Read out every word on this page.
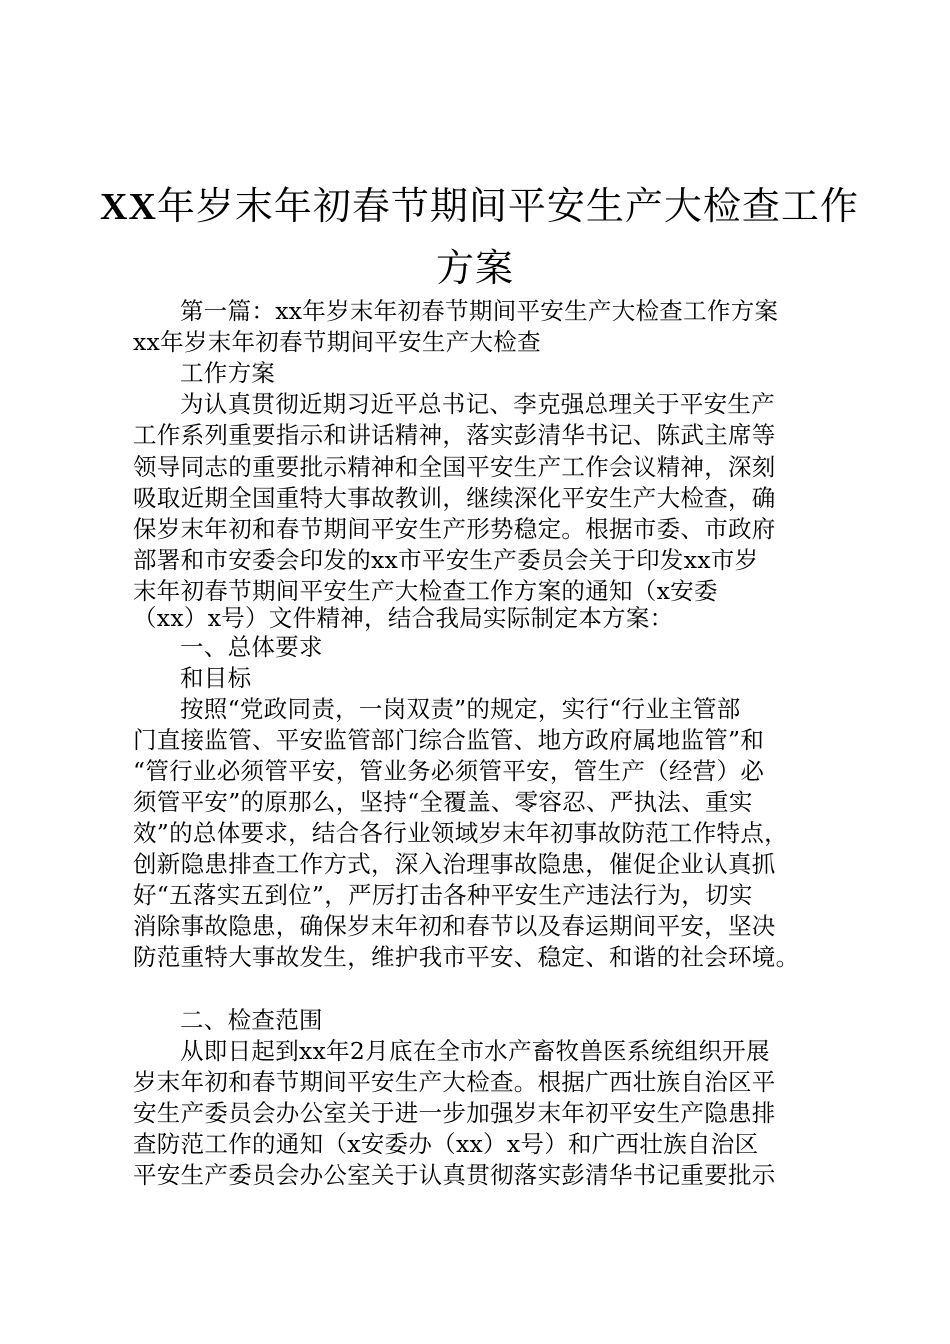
XX年岁末年初春节期间平安生产大检查工作
方案
第一篇：xx年岁末年初春节期间平安生产大检查工作方案
xx年岁末年初春节期间平安生产大检查
工作方案
为认真贯彻近期习近平总书记、李克强总理关于平安生产
工作系列重要指示和讲话精神，落实彭清华书记、陈武主席等
领导同志的重要批示精神和全国平安生产工作会议精神，深刻
吸取近期全国重特大事故教训，继续深化平安生产大检查，确
保岁末年初和春节期间平安生产形势稳定。根据市委、市政府
部署和市安委会印发的xx市平安生产委员会关于印发xx市岁
末年初春节期间平安生产大检查工作方案的通知（x安委
（xx）x号）文件精神，结合我局实际制定本方案：
一、总体要求
和目标
按照“党政同责，一岗双责”的规定，实行“行业主管部
门直接监管、平安监管部门综合监管、地方政府属地监管”和
“管行业必须管平安，管业务必须管平安，管生产（经营）必
须管平安”的原那么，坚持“全覆盖、零容忍、严执法、重实
效”的总体要求，结合各行业领域岁末年初事故防范工作特点，
创新隐患排查工作方式，深入治理事故隐患，催促企业认真抓
好“五落实五到位”，严厉打击各种平安生产违法行为，切实
消除事故隐患，确保岁末年初和春节以及春运期间平安，坚决
防范重特大事故发生，维护我市平安、稳定、和谐的社会环境。
二、检查范围
从即日起到xx年2月底在全市水产畜牧兽医系统组织开展
岁末年初和春节期间平安生产大检查。根据广西壮族自治区平
安生产委员会办公室关于进一步加强岁末年初平安生产隐患排
查防范工作的通知（x安委办（xx）x号）和广西壮族自治区
平安生产委员会办公室关于认真贯彻落实彭清华书记重要批示
